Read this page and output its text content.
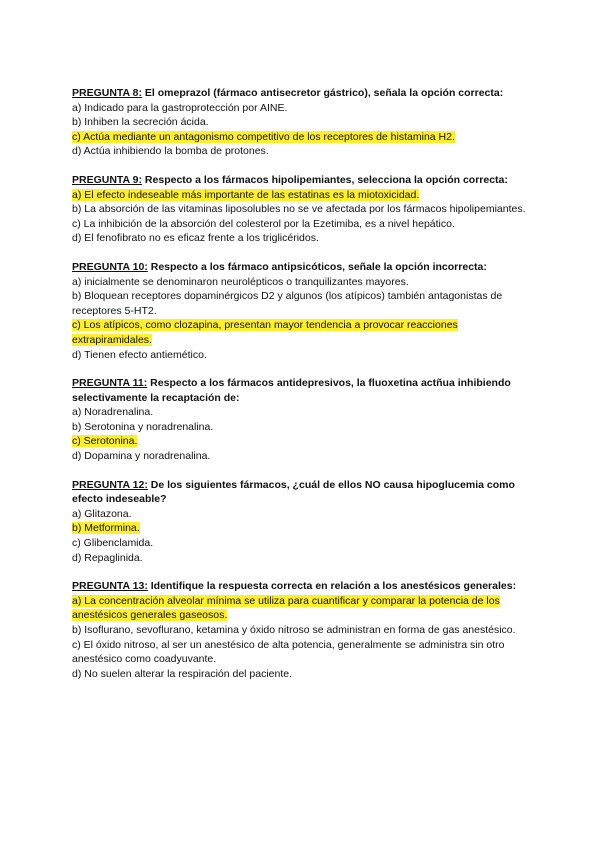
PREGUNTA 8: El omeprazol (fármaco antisecretor gástrico), señala la opción correcta:
a) Indicado para la gastroprotección por AINE.
b) Inhiben la secreción ácida.
c) Actúa mediante un antagonismo competitivo de los receptores de histamina H2.
d) Actúa inhibiendo la bomba de protones.
PREGUNTA 9: Respecto a los fármacos hipolipemiantes, selecciona la opción correcta:
a) El efecto indeseable más importante de las estatinas es la miotoxicidad.
b) La absorción de las vitaminas liposolubles no se ve afectada por los fármacos hipolipemiantes.
c) La inhibición de la absorción del colesterol por la Ezetimiba, es a nivel hepático.
d) El fenofibrato no es eficaz frente a los triglicéridos.
PREGUNTA 10: Respecto a los fármaco antipsicóticos, señale la opción incorrecta:
a) inicialmente se denominaron neurolépticos o tranquilizantes mayores.
b) Bloquean receptores dopaminérgicos D2 y algunos (los atípicos) también antagonistas de receptores 5-HT2.
c) Los atípicos, como clozapina, presentan mayor tendencia a provocar reacciones extrapiramidales.
d) Tienen efecto antiemético.
PREGUNTA 11: Respecto a los fármacos antidepresivos, la fluoxetina actñua inhibiendo selectivamente la recaptación de:
a) Noradrenalina.
b) Serotonina y noradrenalina.
c) Serotonina.
d) Dopamina y noradrenalina.
PREGUNTA 12: De los siguientes fármacos, ¿cuál de ellos NO causa hipoglucemia como efecto indeseable?
a) Glitazona.
b) Metformina.
c) Glibenclamida.
d) Repaglinida.
PREGUNTA 13: Identifique la respuesta correcta en relación a los anestésicos generales:
a) La concentración alveolar mínima se utiliza para cuantificar y comparar la potencia de los anestésicos generales gaseosos.
b) Isoflurano, sevoflurano, ketamina y óxido nitroso se administran en forma de gas anestésico.
c) El óxido nitroso, al ser un anestésico de alta potencia, generalmente se administra sin otro anestésico como coadyuvante.
d) No suelen alterar la respiración del paciente.
